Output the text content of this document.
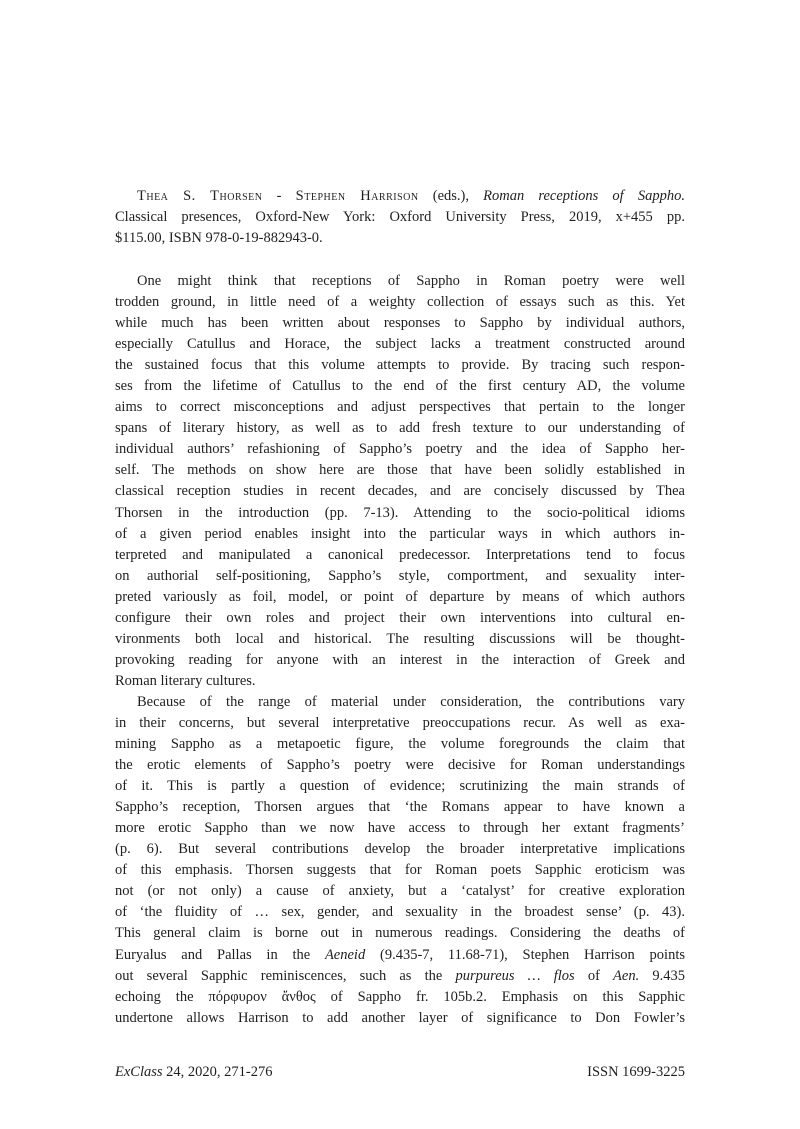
Thea S. Thorsen - Stephen Harrison (eds.), Roman receptions of Sappho.
Classical presences, Oxford-New York: Oxford University Press, 2019, x+455 pp.
$115.00, ISBN 978-0-19-882943-0.
One might think that receptions of Sappho in Roman poetry were well
trodden ground, in little need of a weighty collection of essays such as this. Yet
while much has been written about responses to Sappho by individual authors,
especially Catullus and Horace, the subject lacks a treatment constructed around
the sustained focus that this volume attempts to provide. By tracing such respon-
ses from the lifetime of Catullus to the end of the first century AD, the volume
aims to correct misconceptions and adjust perspectives that pertain to the longer
spans of literary history, as well as to add fresh texture to our understanding of
individual authors’ refashioning of Sappho’s poetry and the idea of Sappho her-
self. The methods on show here are those that have been solidly established in
classical reception studies in recent decades, and are concisely discussed by Thea
Thorsen in the introduction (pp. 7-13). Attending to the socio-political idioms
of a given period enables insight into the particular ways in which authors in-
terpreted and manipulated a canonical predecessor. Interpretations tend to focus
on authorial self-positioning, Sappho’s style, comportment, and sexuality inter-
preted variously as foil, model, or point of departure by means of which authors
configure their own roles and project their own interventions into cultural en-
vironments both local and historical. The resulting discussions will be thought-
provoking reading for anyone with an interest in the interaction of Greek and
Roman literary cultures.
Because of the range of material under consideration, the contributions vary
in their concerns, but several interpretative preoccupations recur. As well as exa-
mining Sappho as a metapoetic figure, the volume foregrounds the claim that
the erotic elements of Sappho’s poetry were decisive for Roman understandings
of it. This is partly a question of evidence; scrutinizing the main strands of
Sappho’s reception, Thorsen argues that ‘the Romans appear to have known a
more erotic Sappho than we now have access to through her extant fragments’
(p. 6). But several contributions develop the broader interpretative implications
of this emphasis. Thorsen suggests that for Roman poets Sapphic eroticism was
not (or not only) a cause of anxiety, but a ‘catalyst’ for creative exploration
of ‘the fluidity of … sex, gender, and sexuality in the broadest sense’ (p. 43).
This general claim is borne out in numerous readings. Considering the deaths of
Euryalus and Pallas in the Aeneid (9.435-7, 11.68-71), Stephen Harrison points
out several Sapphic reminiscences, such as the purpureus … flos of Aen. 9.435
echoing the πόρφυρον ἄνθος of Sappho fr. 105b.2. Emphasis on this Sapphic
undertone allows Harrison to add another layer of significance to Don Fowler’s
ExClass 24, 2020, 271-276	ISSN 1699-3225
